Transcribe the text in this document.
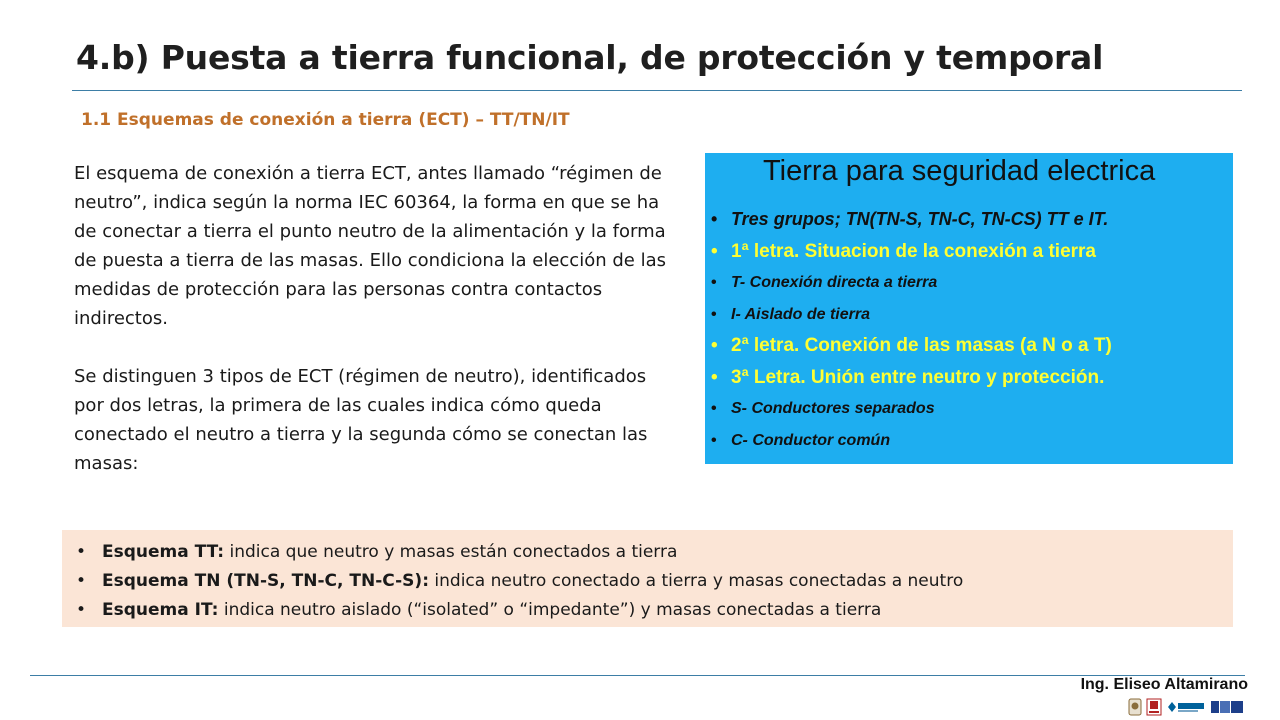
4.b) Puesta a tierra funcional, de protección y temporal
1.1 Esquemas de conexión a tierra (ECT) – TT/TN/IT

El esquema de conexión a tierra ECT, antes llamado “régimen de neutro”, indica según la norma IEC 60364, la forma en que se ha de conectar a tierra el punto neutro de la alimentación y la forma de puesta a tierra de las masas. Ello condiciona la elección de las medidas de protección para las personas contra contactos indirectos.

Se distinguen 3 tipos de ECT (régimen de neutro), identificados por dos letras, la primera de las cuales indica cómo queda conectado el neutro a tierra y la segunda cómo se conectan las masas:

Tierra para seguridad electrica
• Tres grupos; TN(TN-S, TN-C, TN-CS) TT e IT.
• 1ª letra. Situacion de la conexión a tierra
• T- Conexión directa a tierra
• I- Aislado de tierra
• 2ª letra. Conexión de las masas (a N o a T)
• 3ª Letra. Unión entre neutro y protección.
• S- Conductores separados
• C- Conductor común
• Esquema TT: indica que neutro y masas están conectados a tierra
• Esquema TN (TN-S, TN-C, TN-C-S): indica neutro conectado a tierra y masas conectadas a neutro
• Esquema IT: indica neutro aislado (“isolated” o “impedante”) y masas conectadas a tierra
Ing. Eliseo Altamirano
